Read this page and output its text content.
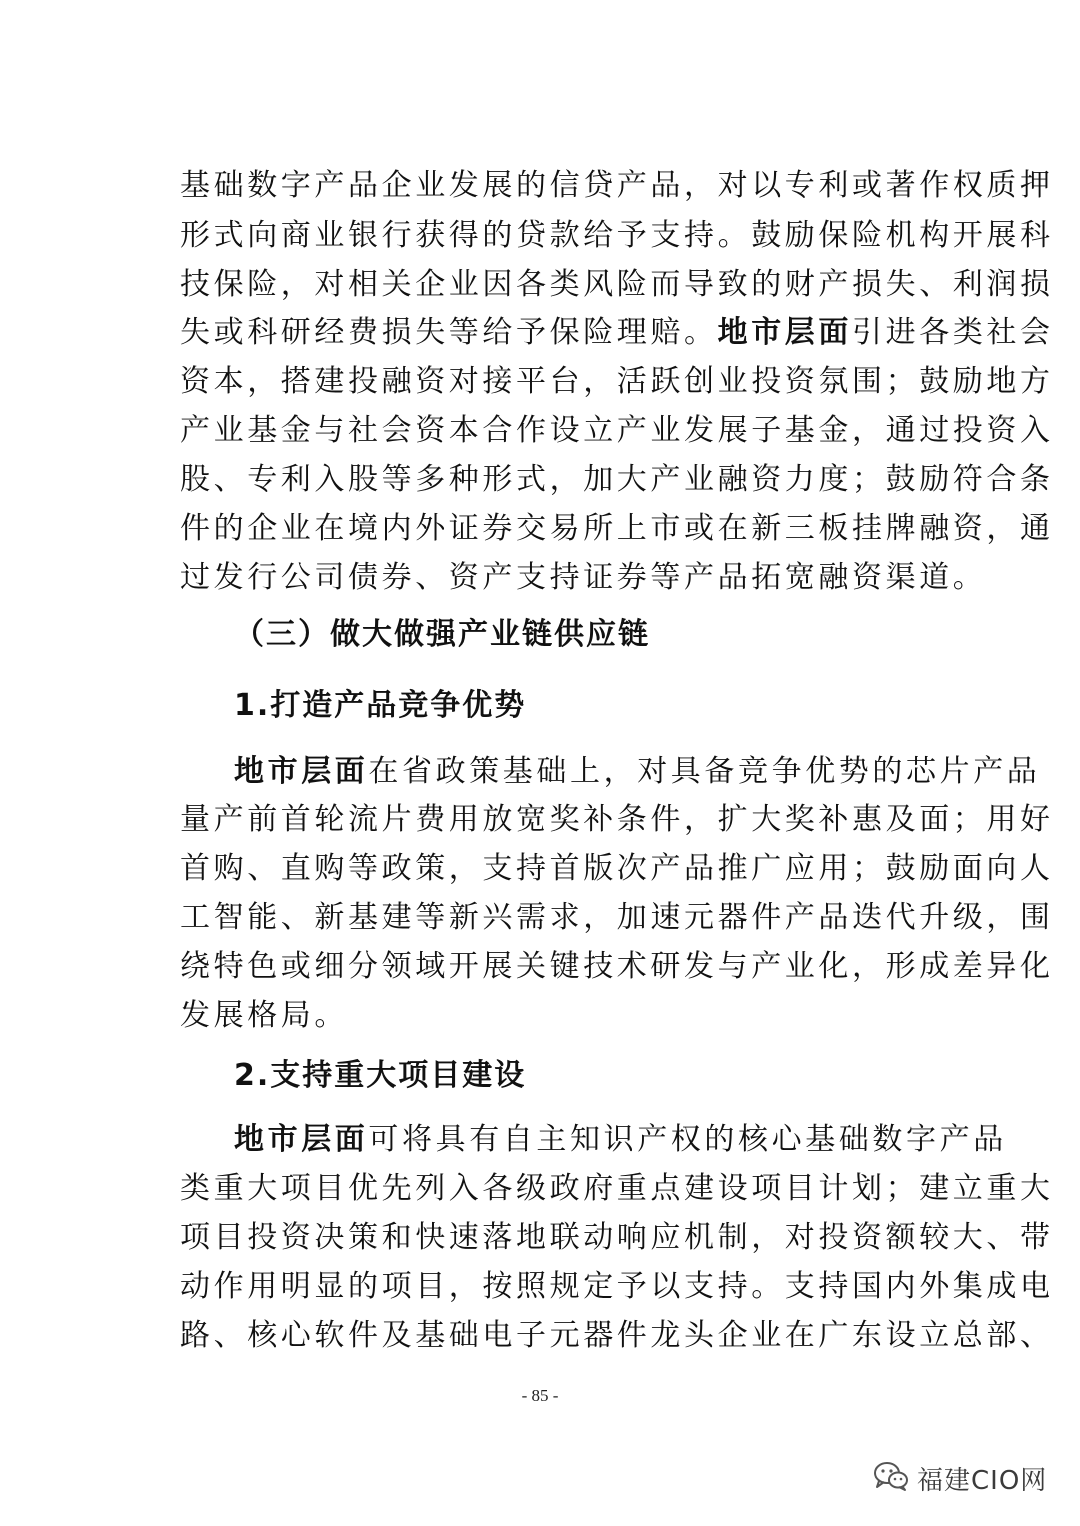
基础数字产品企业发展的信贷产品，对以专利或著作权质押
形式向商业银行获得的贷款给予支持。鼓励保险机构开展科
技保险，对相关企业因各类风险而导致的财产损失、利润损
失或科研经费损失等给予保险理赔。地市层面引进各类社会
资本，搭建投融资对接平台，活跃创业投资氛围；鼓励地方
产业基金与社会资本合作设立产业发展子基金，通过投资入
股、专利入股等多种形式，加大产业融资力度；鼓励符合条
件的企业在境内外证券交易所上市或在新三板挂牌融资，通
过发行公司债券、资产支持证券等产品拓宽融资渠道。
（三）做大做强产业链供应链
1.打造产品竞争优势
地市层面在省政策基础上，对具备竞争优势的芯片产品
量产前首轮流片费用放宽奖补条件，扩大奖补惠及面；用好
首购、直购等政策，支持首版次产品推广应用；鼓励面向人
工智能、新基建等新兴需求，加速元器件产品迭代升级，围
绕特色或细分领域开展关键技术研发与产业化，形成差异化
发展格局。
2.支持重大项目建设
地市层面可将具有自主知识产权的核心基础数字产品
类重大项目优先列入各级政府重点建设项目计划；建立重大
项目投资决策和快速落地联动响应机制，对投资额较大、带
动作用明显的项目，按照规定予以支持。支持国内外集成电
路、核心软件及基础电子元器件龙头企业在广东设立总部、
- 85 -
福建CIO网
